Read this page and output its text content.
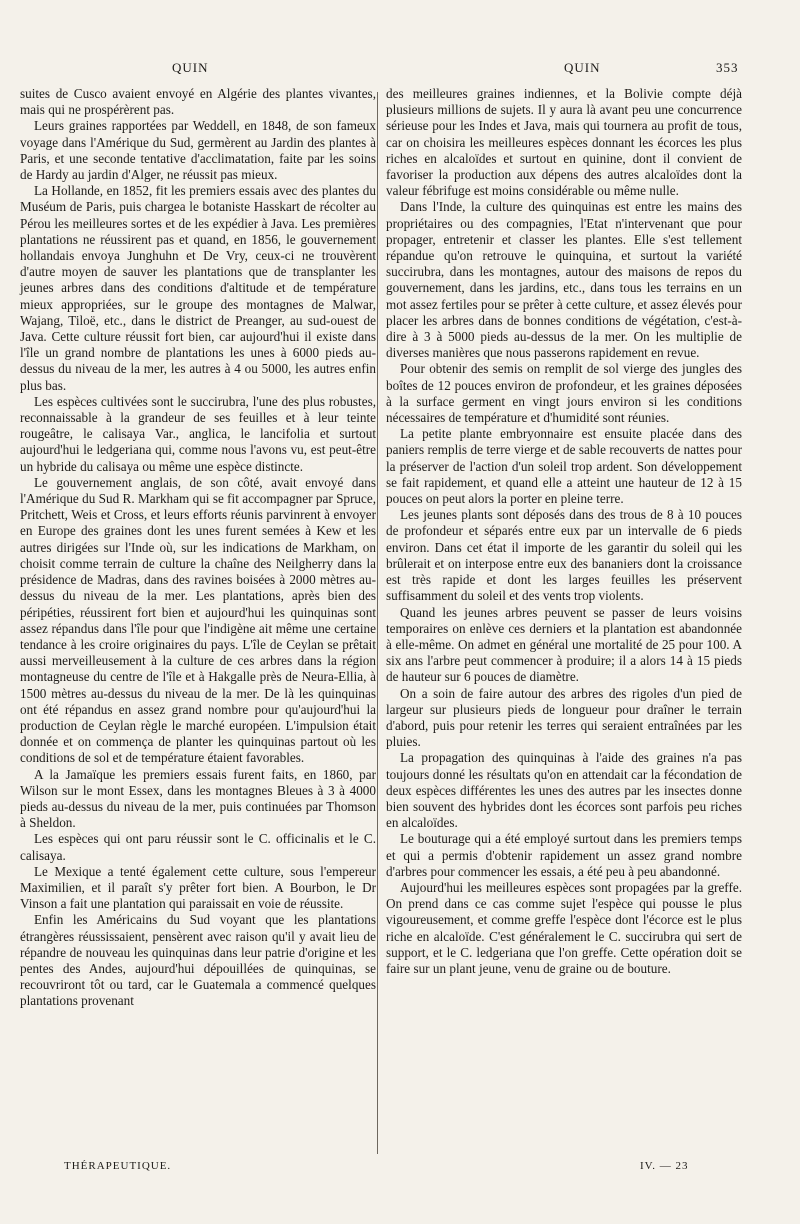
QUIN	QUIN	353

suites de Cusco avaient envoyé en Algérie des plantes vivantes, mais qui ne prospérèrent pas.

Leurs graines rapportées par Weddell, en 1848, de son fameux voyage dans l'Amérique du Sud, germèrent au Jardin des plantes à Paris, et une seconde tentative d'acclimatation, faite par les soins de Hardy au jardin d'Alger, ne réussit pas mieux.

La Hollande, en 1852, fit les premiers essais avec des plantes du Muséum de Paris, puis chargea le botaniste Hasskart de récolter au Pérou les meilleures sortes et de les expédier à Java. Les premières plantations ne réussirent pas et quand, en 1856, le gouvernement hollandais envoya Junghuhn et De Vry, ceux-ci ne trouvèrent d'autre moyen de sauver les plantations que de transplanter les jeunes arbres dans des conditions d'altitude et de température mieux appropriées, sur le groupe des montagnes de Malwar, Wajang, Tiloë, etc., dans le district de Preanger, au sud-ouest de Java. Cette culture réussit fort bien, car aujourd'hui il existe dans l'île un grand nombre de plantations les unes à 6000 pieds au-dessus du niveau de la mer, les autres à 4 ou 5000, les autres enfin plus bas.

Les espèces cultivées sont le succirubra, l'une des plus robustes, reconnaissable à la grandeur de ses feuilles et à leur teinte rougeâtre, le calisaya Var., anglica, le lancifolia et surtout aujourd'hui le ledgeriana qui, comme nous l'avons vu, est peut-être un hybride du calisaya ou même une espèce distincte.

Le gouvernement anglais, de son côté, avait envoyé dans l'Amérique du Sud R. Markham qui se fit accompagner par Spruce, Pritchett, Weis et Cross, et leurs efforts réunis parvinrent à envoyer en Europe des graines dont les unes furent semées à Kew et les autres dirigées sur l'Inde où, sur les indications de Markham, on choisit comme terrain de culture la chaîne des Neilgherry dans la présidence de Madras, dans des ravines boisées à 2000 mètres au-dessus du niveau de la mer. Les plantations, après bien des péripéties, réussirent fort bien et aujourd'hui les quinquinas sont assez répandus dans l'île pour que l'indigène ait même une certaine tendance à les croire originaires du pays. L'île de Ceylan se prêtait aussi merveilleusement à la culture de ces arbres dans la région montagneuse du centre de l'île et à Hakgalle près de Neura-Ellia, à 1500 mètres au-dessus du niveau de la mer. De là les quinquinas ont été répandus en assez grand nombre pour qu'aujourd'hui la production de Ceylan règle le marché européen. L'impulsion était donnée et on commença de planter les quinquinas partout où les conditions de sol et de température étaient favorables.

A la Jamaïque les premiers essais furent faits, en 1860, par Wilson sur le mont Essex, dans les montagnes Bleues à 3 à 4000 pieds au-dessus du niveau de la mer, puis continuées par Thomson à Sheldon.

Les espèces qui ont paru réussir sont le C. officinalis et le C. calisaya.

Le Mexique a tenté également cette culture, sous l'empereur Maximilien, et il paraît s'y prêter fort bien. A Bourbon, le Dr Vinson a fait une plantation qui paraissait en voie de réussite.

Enfin les Américains du Sud voyant que les plantations étrangères réussissaient, pensèrent avec raison qu'il y avait lieu de répandre de nouveau les quinquinas dans leur patrie d'origine et les pentes des Andes, aujourd'hui dépouillées de quinquinas, se recouvriront tôt ou tard, car le Guatemala a commencé quelques plantations provenant

des meilleures graines indiennes, et la Bolivie compte déjà plusieurs millions de sujets. Il y aura là avant peu une concurrence sérieuse pour les Indes et Java, mais qui tournera au profit de tous, car on choisira les meilleures espèces donnant les écorces les plus riches en alcaloïdes et surtout en quinine, dont il convient de favoriser la production aux dépens des autres alcaloïdes dont la valeur fébrifuge est moins considérable ou même nulle.

Dans l'Inde, la culture des quinquinas est entre les mains des propriétaires ou des compagnies, l'Etat n'intervenant que pour propager, entretenir et classer les plantes. Elle s'est tellement répandue qu'on retrouve le quinquina, et surtout la variété succirubra, dans les montagnes, autour des maisons de repos du gouvernement, dans les jardins, etc., dans tous les terrains en un mot assez fertiles pour se prêter à cette culture, et assez élevés pour placer les arbres dans de bonnes conditions de végétation, c'est-à-dire à 3 à 5000 pieds au-dessus de la mer. On les multiplie de diverses manières que nous passerons rapidement en revue.

Pour obtenir des semis on remplit de sol vierge des jungles des boîtes de 12 pouces environ de profondeur, et les graines déposées à la surface germent en vingt jours environ si les conditions nécessaires de température et d'humidité sont réunies.

La petite plante embryonnaire est ensuite placée dans des paniers remplis de terre vierge et de sable recouverts de nattes pour la préserver de l'action d'un soleil trop ardent. Son développement se fait rapidement, et quand elle a atteint une hauteur de 12 à 15 pouces on peut alors la porter en pleine terre.

Les jeunes plants sont déposés dans des trous de 8 à 10 pouces de profondeur et séparés entre eux par un intervalle de 6 pieds environ. Dans cet état il importe de les garantir du soleil qui les brûlerait et on interpose entre eux des bananiers dont la croissance est très rapide et dont les larges feuilles les préservent suffisamment du soleil et des vents trop violents.

Quand les jeunes arbres peuvent se passer de leurs voisins temporaires on enlève ces derniers et la plantation est abandonnée à elle-même. On admet en général une mortalité de 25 pour 100. A six ans l'arbre peut commencer à produire; il a alors 14 à 15 pieds de hauteur sur 6 pouces de diamètre.

On a soin de faire autour des arbres des rigoles d'un pied de largeur sur plusieurs pieds de longueur pour draîner le terrain d'abord, puis pour retenir les terres qui seraient entraînées par les pluies.

La propagation des quinquinas à l'aide des graines n'a pas toujours donné les résultats qu'on en attendait car la fécondation de deux espèces différentes les unes des autres par les insectes donne bien souvent des hybrides dont les écorces sont parfois peu riches en alcaloïdes.

Le bouturage qui a été employé surtout dans les premiers temps et qui a permis d'obtenir rapidement un assez grand nombre d'arbres pour commencer les essais, a été peu à peu abandonné.

Aujourd'hui les meilleures espèces sont propagées par la greffe. On prend dans ce cas comme sujet l'espèce qui pousse le plus vigoureusement, et comme greffe l'espèce dont l'écorce est le plus riche en alcaloïde. C'est généralement le C. succirubra qui sert de support, et le C. ledgeriana que l'on greffe. Cette opération doit se faire sur un plant jeune, venu de graine ou de bouture.

THÉRAPEUTIQUE.	IV. — 23
